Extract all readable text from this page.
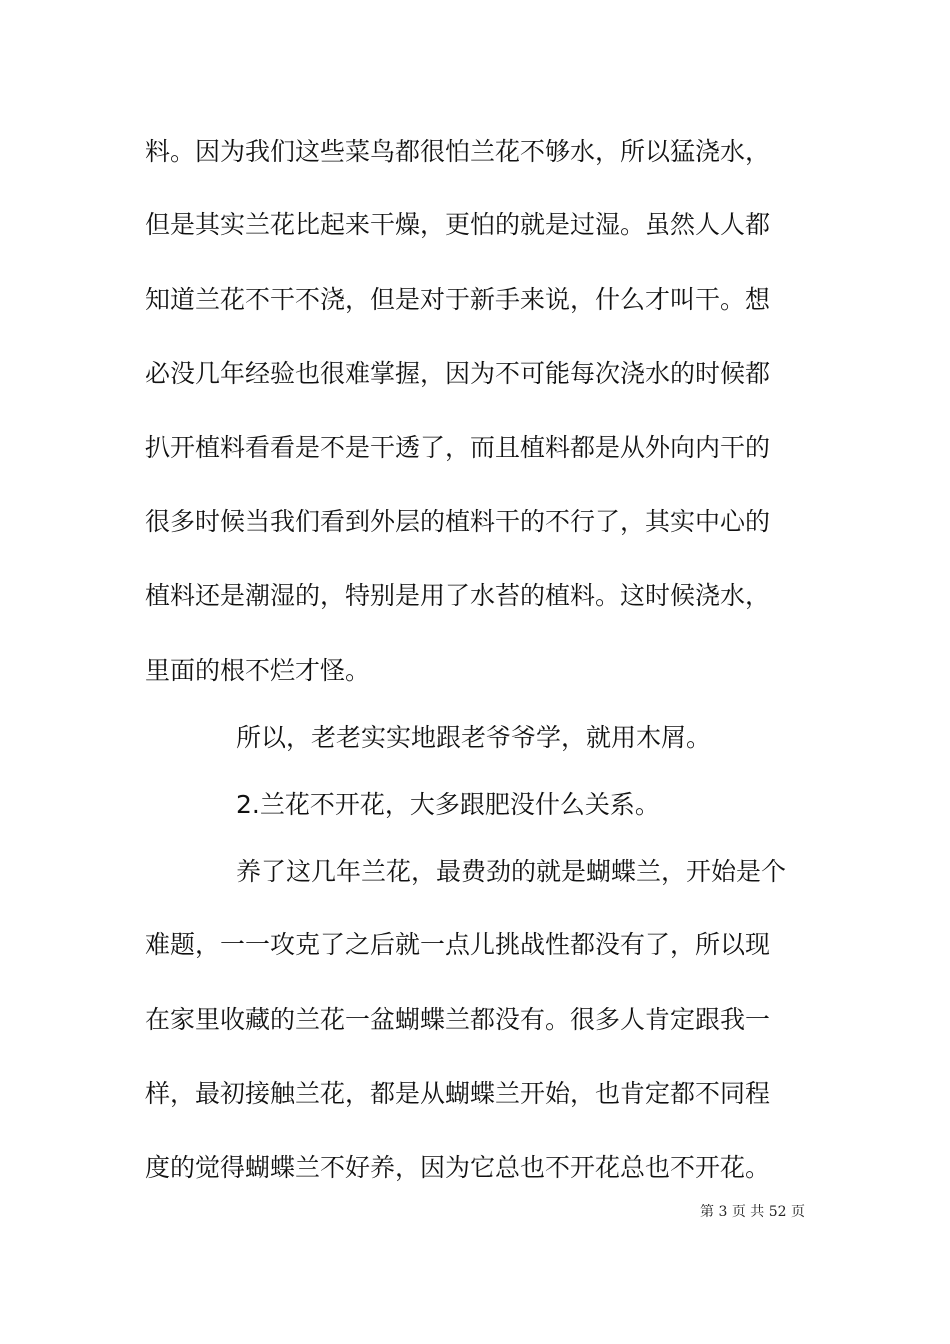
料。因为我们这些菜鸟都很怕兰花不够水，所以猛浇水，
但是其实兰花比起来干燥，更怕的就是过湿。虽然人人都
知道兰花不干不浇，但是对于新手来说，什么才叫干。想
必没几年经验也很难掌握，因为不可能每次浇水的时候都
扒开植料看看是不是干透了，而且植料都是从外向内干的
很多时候当我们看到外层的植料干的不行了，其实中心的
植料还是潮湿的，特别是用了水苔的植料。这时候浇水，
里面的根不烂才怪。
所以，老老实实地跟老爷爷学，就用木屑。
2.兰花不开花，大多跟肥没什么关系。
养了这几年兰花，最费劲的就是蝴蝶兰，开始是个
难题，一一攻克了之后就一点儿挑战性都没有了，所以现
在家里收藏的兰花一盆蝴蝶兰都没有。很多人肯定跟我一
样，最初接触兰花，都是从蝴蝶兰开始，也肯定都不同程
度的觉得蝴蝶兰不好养，因为它总也不开花总也不开花。
第 3 页 共 52 页
